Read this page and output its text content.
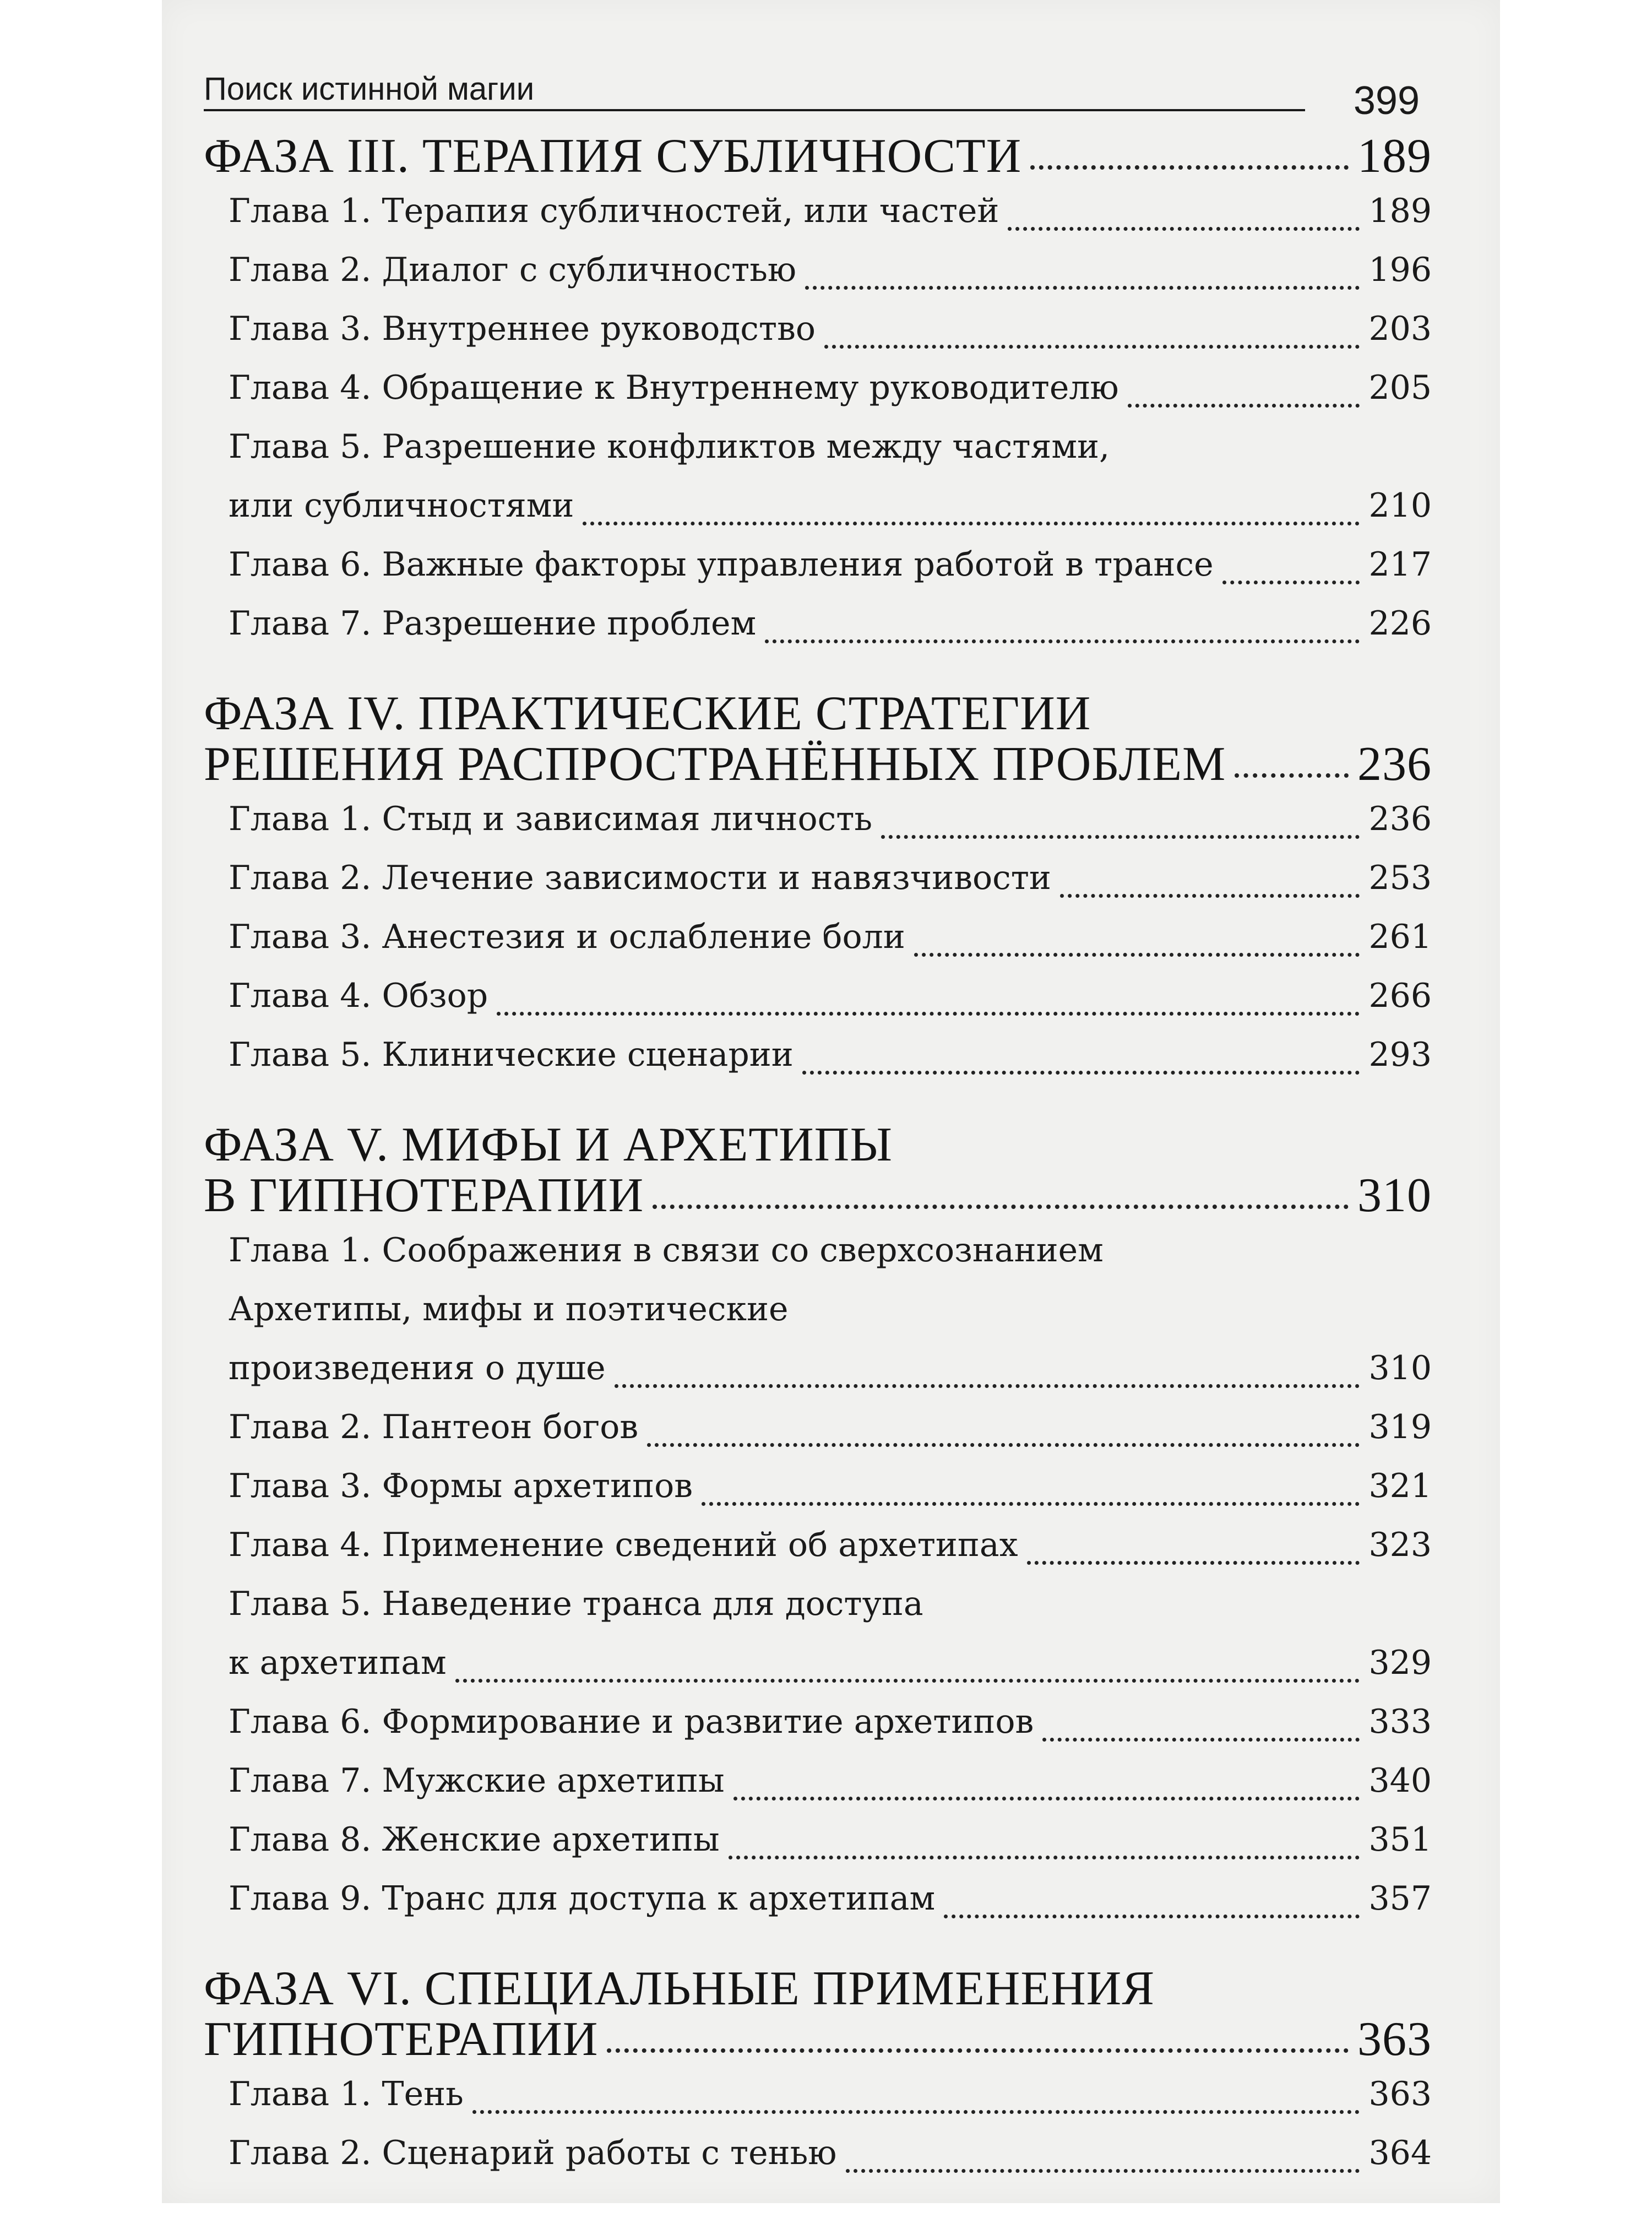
Поиск истинной магии	399
ФАЗА III. ТЕРАПИЯ СУБЛИЧНОСТИ	189
Глава 1. Терапия субличностей, или частей	189
Глава 2. Диалог с субличностью	196
Глава 3. Внутреннее руководство	203
Глава 4. Обращение к Внутреннему руководителю	205
Глава 5. Разрешение конфликтов между частями,
или субличностями	210
Глава 6. Важные факторы управления работой в трансе	217
Глава 7. Разрешение проблем	226
ФАЗА IV. ПРАКТИЧЕСКИЕ СТРАТЕГИИ
РЕШЕНИЯ РАСПРОСТРАНЁННЫХ ПРОБЛЕМ	236
Глава 1. Стыд и зависимая личность	236
Глава 2. Лечение зависимости и навязчивости	253
Глава 3. Анестезия и ослабление боли	261
Глава 4. Обзор	266
Глава 5. Клинические сценарии	293
ФАЗА V. МИФЫ И АРХЕТИПЫ
В ГИПНОТЕРАПИИ	310
Глава 1. Соображения в связи со сверхсознанием
Архетипы, мифы и поэтические
произведения о душе	310
Глава 2. Пантеон богов	319
Глава 3. Формы архетипов	321
Глава 4. Применение сведений об архетипах	323
Глава 5. Наведение транса для доступа
к архетипам	329
Глава 6. Формирование и развитие архетипов	333
Глава 7. Мужские архетипы	340
Глава 8. Женские архетипы	351
Глава 9. Транс для доступа к архетипам	357
ФАЗА VI. СПЕЦИАЛЬНЫЕ ПРИМЕНЕНИЯ
ГИПНОТЕРАПИИ	363
Глава 1. Тень	363
Глава 2. Сценарий работы с тенью	364
